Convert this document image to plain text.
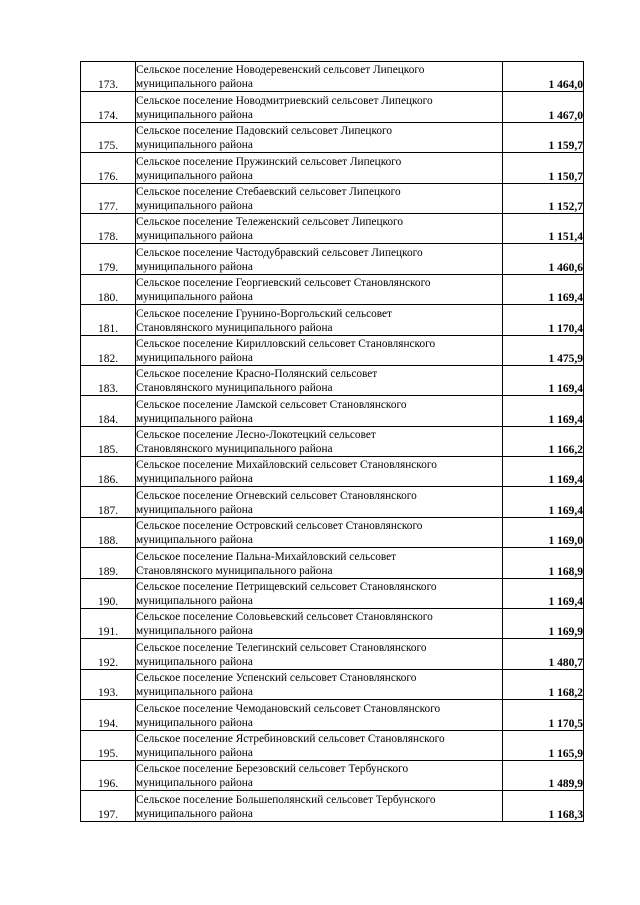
173.	Сельское поселение Новодеревенский сельсовет Липецкого
муниципального района	1 464,0
174.	Сельское поселение Новодмитриевский сельсовет Липецкого
муниципального района	1 467,0
175.	Сельское поселение Падовский сельсовет Липецкого
муниципального района	1 159,7
176.	Сельское поселение Пружинский сельсовет Липецкого
муниципального района	1 150,7
177.	Сельское поселение Стебаевский сельсовет Липецкого
муниципального района	1 152,7
178.	Сельское поселение Тележенский сельсовет Липецкого
муниципального района	1 151,4
179.	Сельское поселение Частодубравский сельсовет Липецкого
муниципального района	1 460,6
180.	Сельское поселение Георгиевский сельсовет Становлянского
муниципального района	1 169,4
181.	Сельское поселение Грунино-Воргольский сельсовет
Становлянского муниципального района	1 170,4
182.	Сельское поселение Кирилловский сельсовет Становлянского
муниципального района	1 475,9
183.	Сельское поселение Красно-Полянский сельсовет
Становлянского муниципального района	1 169,4
184.	Сельское поселение Ламской сельсовет Становлянского
муниципального района	1 169,4
185.	Сельское поселение Лесно-Локотецкий сельсовет
Становлянского муниципального района	1 166,2
186.	Сельское поселение Михайловский сельсовет Становлянского
муниципального района	1 169,4
187.	Сельское поселение Огневский сельсовет Становлянского
муниципального района	1 169,4
188.	Сельское поселение Островский сельсовет Становлянского
муниципального района	1 169,0
189.	Сельское поселение Пальна-Михайловский сельсовет
Становлянского муниципального района	1 168,9
190.	Сельское поселение Петрищевский сельсовет Становлянского
муниципального района	1 169,4
191.	Сельское поселение Соловьевский сельсовет Становлянского
муниципального района	1 169,9
192.	Сельское поселение Телегинский сельсовет Становлянского
муниципального района	1 480,7
193.	Сельское поселение Успенский сельсовет Становлянского
муниципального района	1 168,2
194.	Сельское поселение Чемодановский сельсовет Становлянского
муниципального района	1 170,5
195.	Сельское поселение Ястребиновский сельсовет Становлянского
муниципального района	1 165,9
196.	Сельское поселение Березовский сельсовет Тербунского
муниципального района	1 489,9
197.	Сельское поселение Большеполянский сельсовет Тербунского
муниципального района	1 168,3
